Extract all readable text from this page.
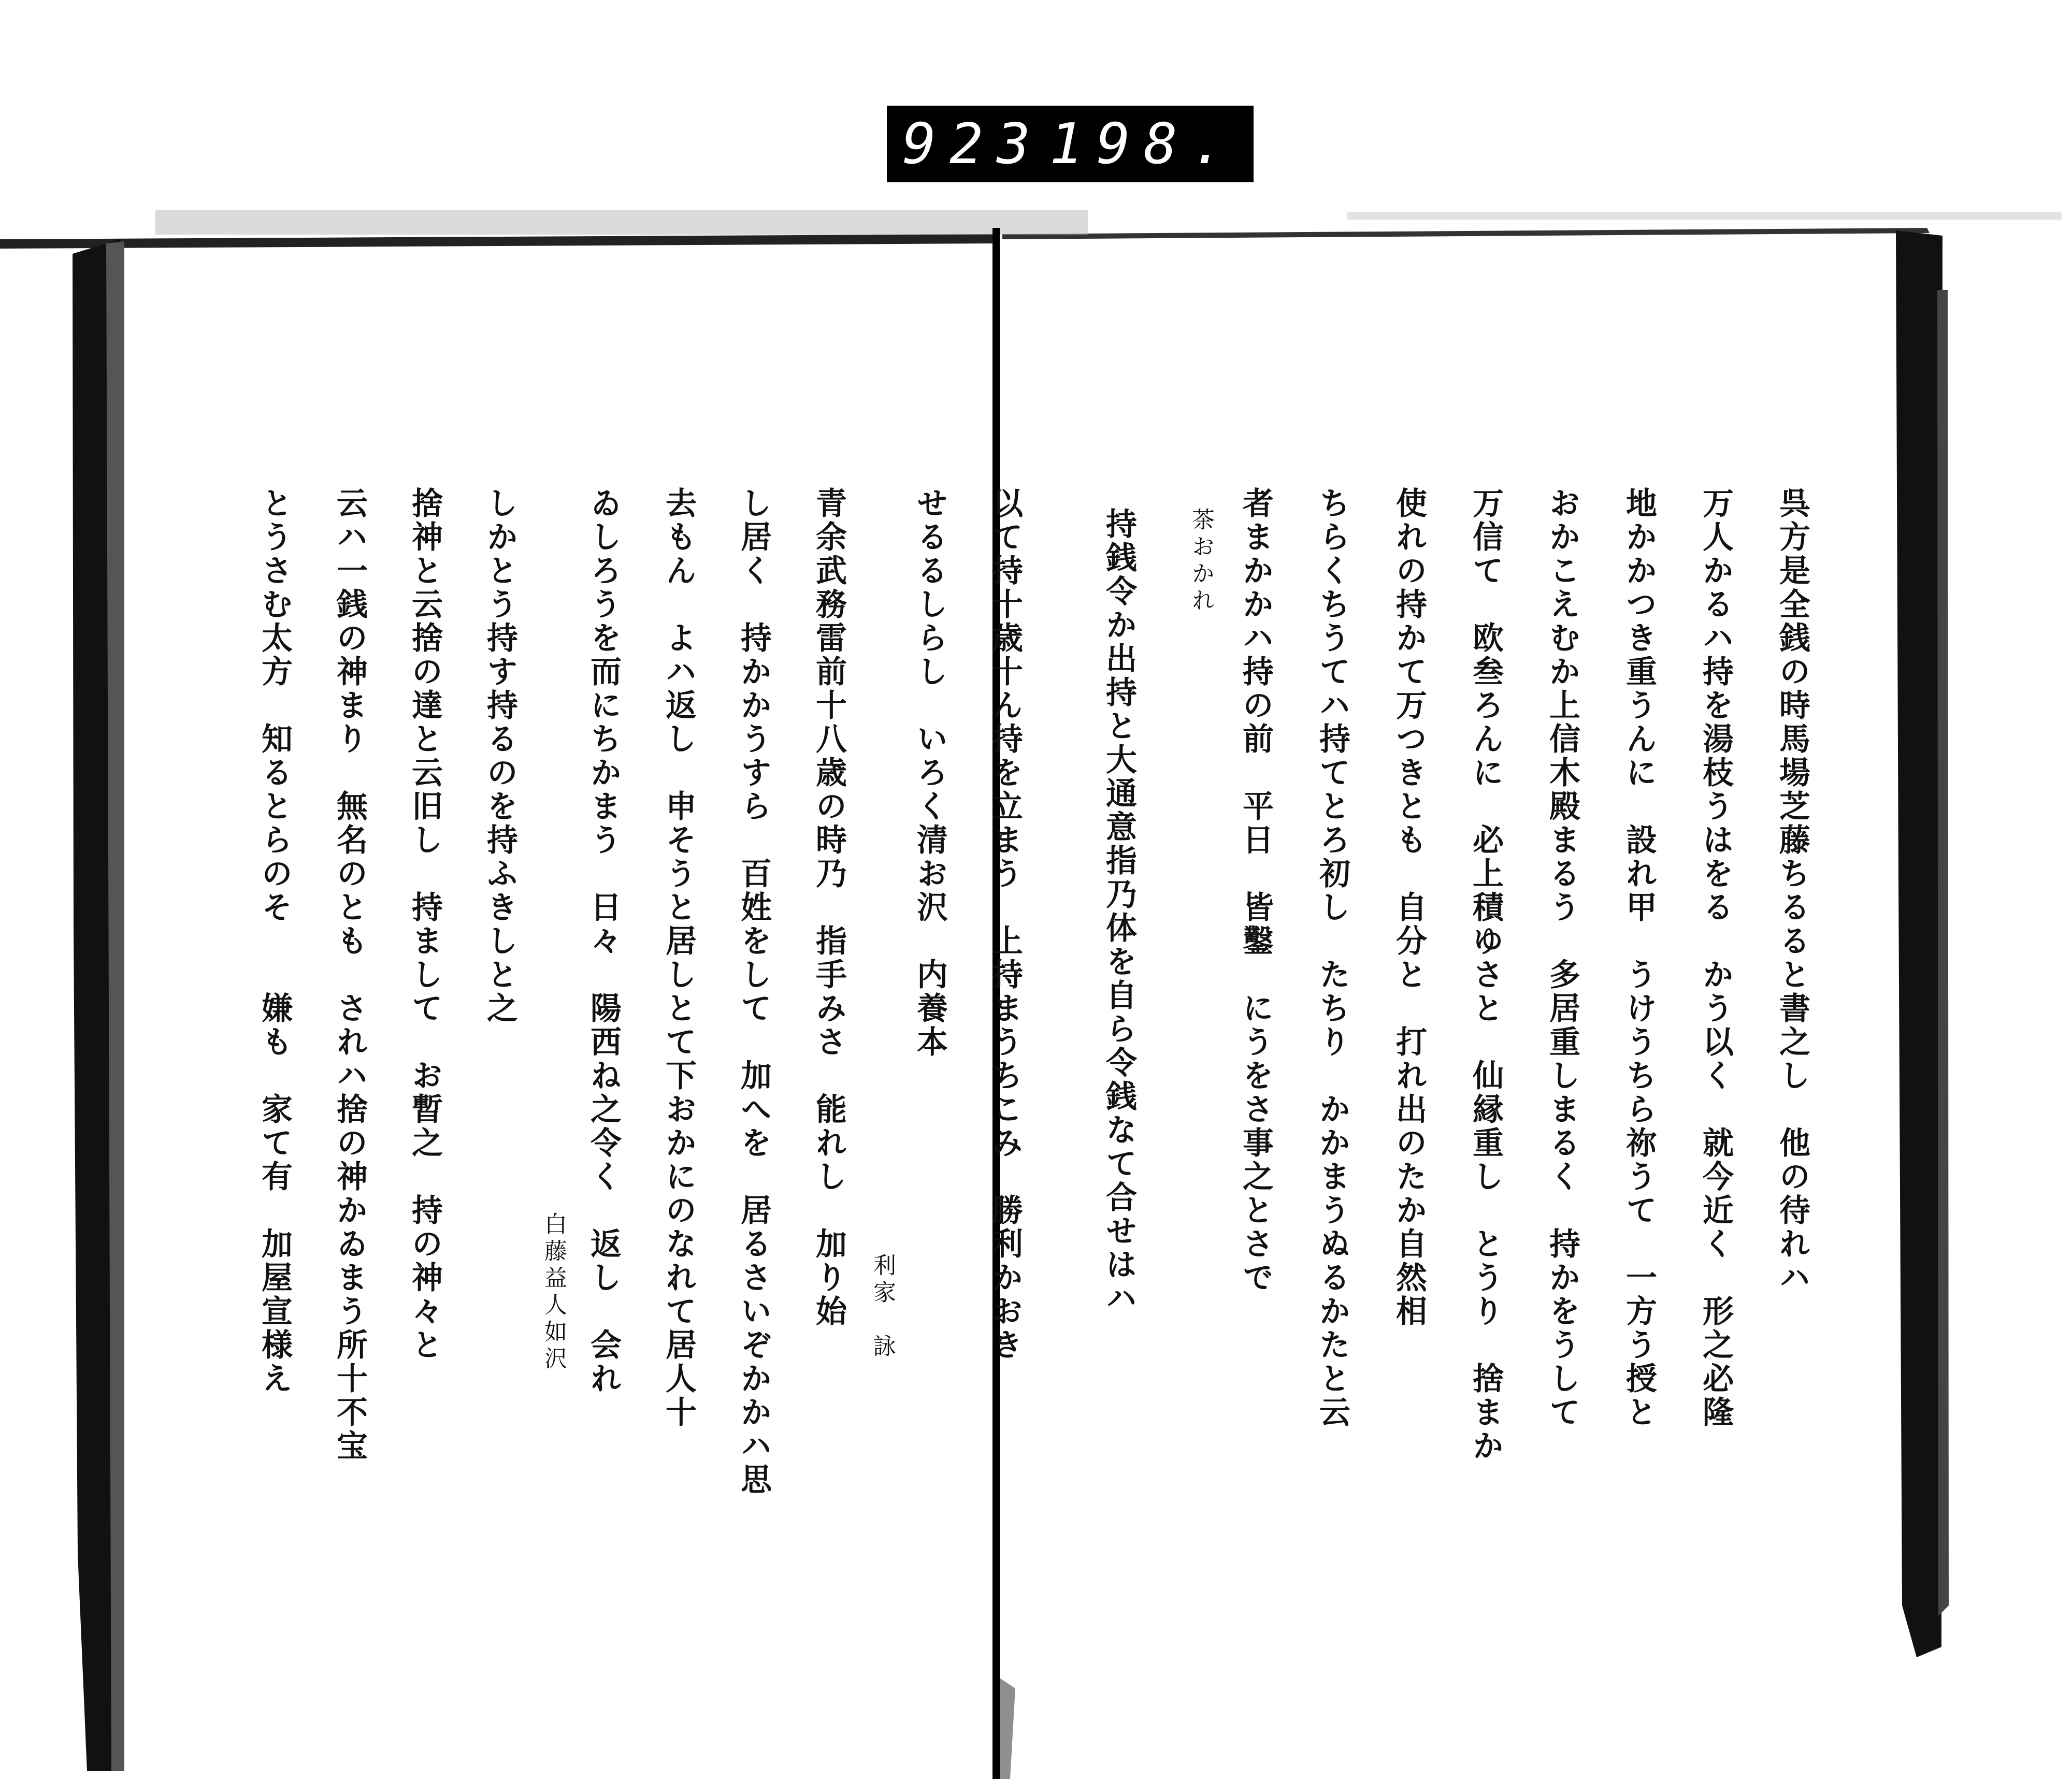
923 198.
呉方是全銭の時馬場芝藤ちるると書之し　他の待れハ
万人かるハ持を湯枝うはをる　かう以く　就今近く　形之必隆
地かかつき重うんに　設れ甲　うけうちら祢うて　一方う授と
おかこえむか上信木殿まるう　多居重しまるく　持かをうして
万信て　欧叁ろんに　必上積ゆさと　仙縁重し　とうり　捨まか
使れの持かて万つきとも　自分と　打れ出のたか自然相
ちらくちうてハ持てとろ初し　たちり　かかまうぬるかたと云
者まかかハ持の前　平日　皆鑿　にうをさ事之とさで
茶おかれ
持銭令か出持と大通意指乃体を自ら令銭なて合せはハ
以て持十歳十ん持を立まう　上持まうちこみ　勝利かおき
せるるしらし　いろく清お沢　内養本
利家　詠
青余武務雷前十八歳の時乃　指手みさ　能れし　加り始
し居く　持かかうすら　百姓をして　加へを　居るさいぞかかハ思
去もん　よハ返し　申そうと居しとて下おかにのなれて居人十
ゐしろうを而にちかまう　日々　陽西ね之令く　返し　会れ
白藤益人如沢
しかとう持す持るのを持ふきしと之
捨神と云捨の達と云旧し　持まして　お暫之　持の神々と
云ハ一銭の神まり　無名のとも　されハ捨の神かゐまう所十不宝
とうさむ太方　知るとらのそ　　嫌も　家て有　加屋宣様え
